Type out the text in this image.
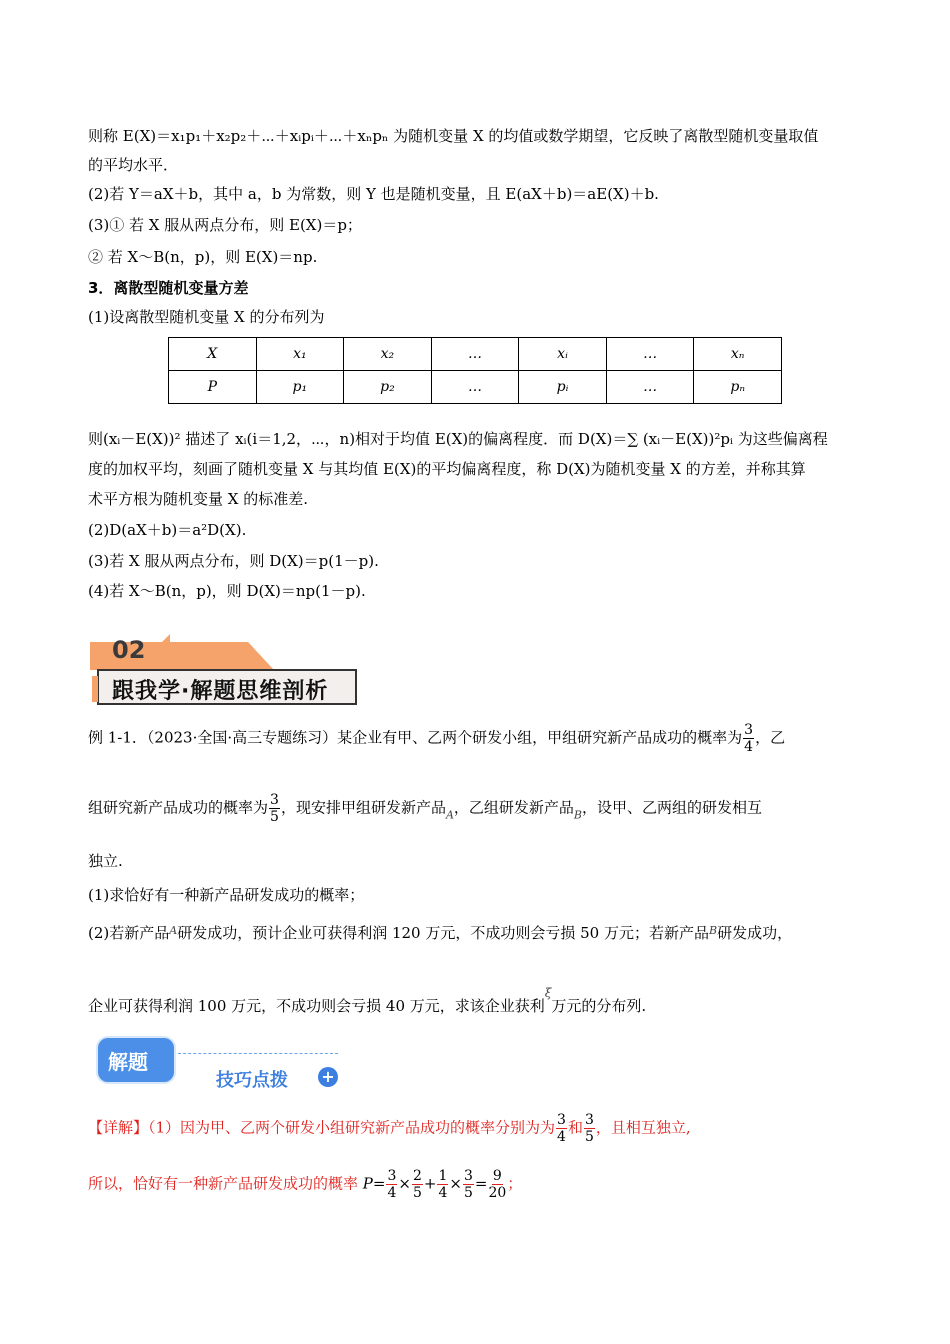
则称 E(X)＝x₁p₁＋x₂p₂＋⋯＋xᵢpᵢ＋⋯＋xₙpₙ 为随机变量 X 的均值或数学期望，它反映了离散型随机变量取值
的平均水平．
(2)若 Y＝aX＋b，其中 a，b 为常数，则 Y 也是随机变量，且 E(aX＋b)＝aE(X)＋b.
(3)① 若 X 服从两点分布，则 E(X)＝p；
② 若 X～B(n，p)，则 E(X)＝np.
3．离散型随机变量方差
(1)设离散型随机变量 X 的分布列为
X	x₁	x₂	…	xᵢ	…	xₙ
P	p₁	p₂	…	pᵢ	…	pₙ
则(xᵢ－E(X))² 描述了 xᵢ(i＝1,2，⋯，n)相对于均值 E(X)的偏离程度．而 D(X)＝∑ (xᵢ－E(X))²pᵢ 为这些偏离程
度的加权平均，刻画了随机变量 X 与其均值 E(X)的平均偏离程度，称 D(X)为随机变量 X 的方差，并称其算
术平方根为随机变量 X 的标准差.
(2)D(aX＋b)＝a²D(X).
(3)若 X 服从两点分布，则 D(X)＝p(1－p).
(4)若 X～B(n，p)，则 D(X)＝np(1－p).
02
跟我学·解题思维剖析
例 1-1．（2023·全国·高三专题练习）某企业有甲、乙两个研发小组，甲组研究新产品成功的概率为 $\frac{3}{4}$ ，乙
组研究新产品成功的概率为 $\frac{3}{5}$ ，现安排甲组研发新产品$_A$，乙组研发新产品$_B$，设甲、乙两组的研发相互
独立.
(1)求恰好有一种新产品研发成功的概率；
(2)若新产品$^A$研发成功，预计企业可获得利润 120 万元，不成功则会亏损 50 万元；若新产品$^B$研发成功，
企业可获得利润 100 万元，不成功则会亏损 40 万元，求该企业获利$^\xi$万元的分布列.
解题
技巧点拨 +
【详解】（1）因为甲、乙两个研发小组研究新产品成功的概率分别为为 $\frac{3}{4}$ 和 $\frac{3}{5}$ ，且相互独立,
所以，恰好有一种新产品研发成功的概率 $P= \frac{3}{4} \times \frac{2}{5} + \frac{1}{4} \times \frac{3}{5} = \frac{9}{20}$ ；
